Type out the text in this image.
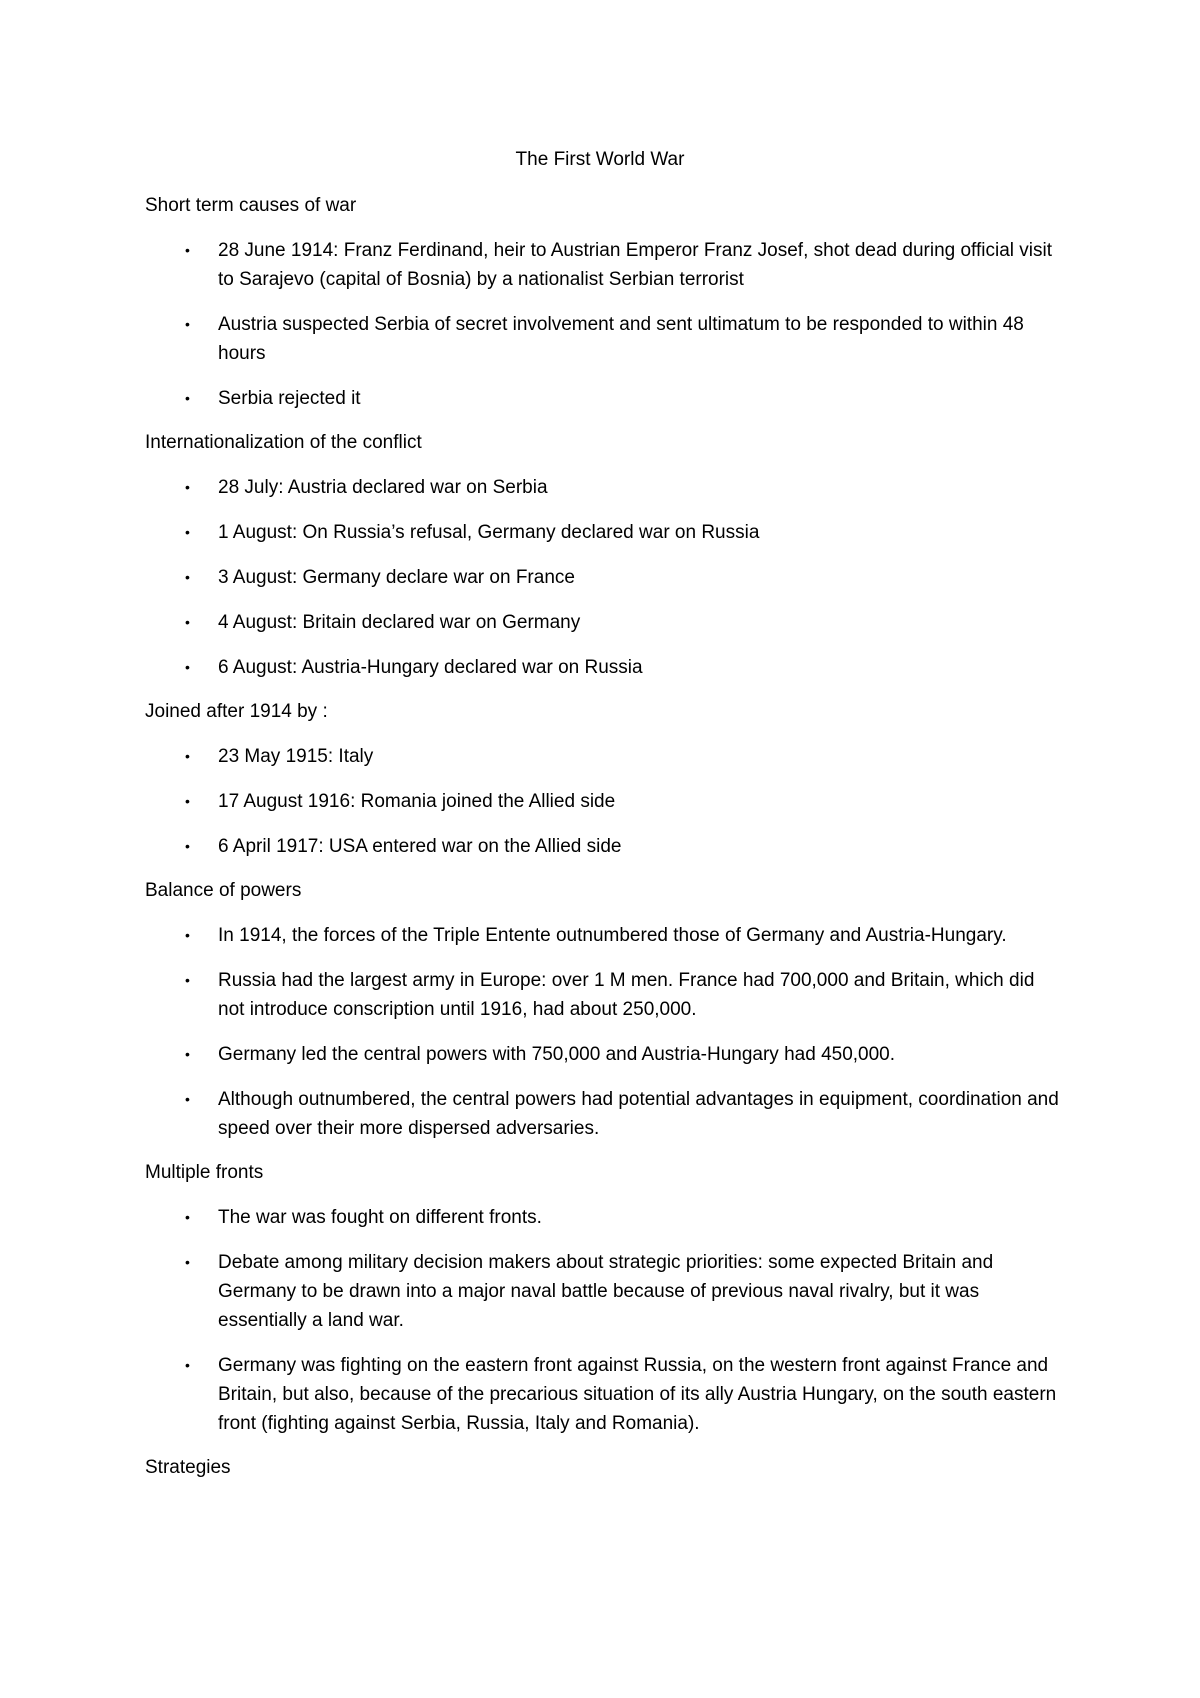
The First World War

Short term causes of war

• 28 June 1914: Franz Ferdinand, heir to Austrian Emperor Franz Josef, shot dead during official visit to Sarajevo (capital of Bosnia) by a nationalist Serbian terrorist
• Austria suspected Serbia of secret involvement and sent ultimatum to be responded to within 48 hours
• Serbia rejected it

Internationalization of the conflict

• 28 July: Austria declared war on Serbia
• 1 August: On Russia’s refusal, Germany declared war on Russia
• 3 August: Germany declare war on France
• 4 August: Britain declared war on Germany
• 6 August: Austria-Hungary declared war on Russia

Joined after 1914 by :

• 23 May 1915: Italy
• 17 August 1916: Romania joined the Allied side
• 6 April 1917: USA entered war on the Allied side

Balance of powers

• In 1914, the forces of the Triple Entente outnumbered those of Germany and Austria-Hungary.
• Russia had the largest army in Europe: over 1 M men. France had 700,000 and Britain, which did not introduce conscription until 1916, had about 250,000.
• Germany led the central powers with 750,000 and Austria-Hungary had 450,000.
• Although outnumbered, the central powers had potential advantages in equipment, coordination and speed over their more dispersed adversaries.

Multiple fronts

• The war was fought on different fronts.
• Debate among military decision makers about strategic priorities: some expected Britain and Germany to be drawn into a major naval battle because of previous naval rivalry, but it was essentially a land war.
• Germany was fighting on the eastern front against Russia, on the western front against France and Britain, but also, because of the precarious situation of its ally Austria Hungary, on the south eastern front (fighting against Serbia, Russia, Italy and Romania).

Strategies
